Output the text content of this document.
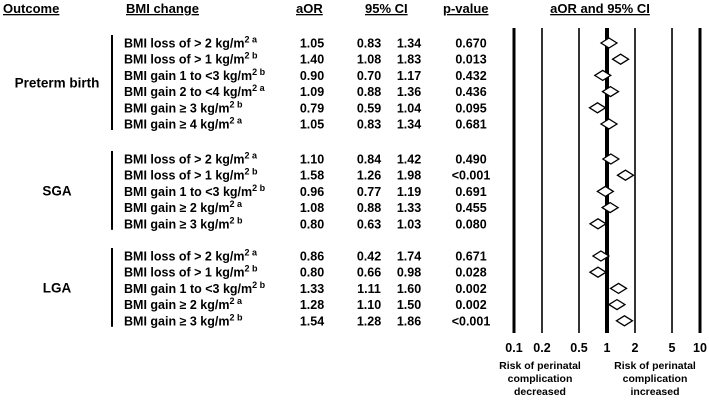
Outcome	BMI change	aOR	95% CI	p-value	aOR and 95% CI
Preterm birth
BMI loss of > 2 $kg/m^{2 a}$	1.05	0.83 1.34	0.670
BMI loss of > 1 $kg/m^{2 b}$	1.40	1.08 1.83	0.013
BMI gain 1 to <3 $kg/m^{2 b}$	0.90	0.70 1.17	0.432
BMI gain 2 to <4 $kg/m^{2 a}$	1.09	0.88 1.36	0.436
BMI gain ≥ 3 $kg/m^{2 b}$	0.79	0.59 1.04	0.095
BMI gain ≥ 4 $kg/m^{2 a}$	1.05	0.83 1.34	0.681
SGA
BMI loss of > 2 $kg/m^{2 a}$	1.10	0.84 1.42	0.490
BMI loss of > 1 $kg/m^{2 b}$	1.58	1.26 1.98 <0.001
BMI gain 1 to <3 $kg/m^{2 b}$	0.96	0.77 1.19	0.691
BMI gain ≥ 2 $kg/m^{2 a}$	1.08	0.88 1.33	0.455
BMI gain ≥ 3 $kg/m^{2 b}$	0.80	0.63 1.03	0.080
LGA
BMI loss of > 2 $kg/m^{2 a}$	0.86	0.42 1.74	0.671
BMI loss of > 1 $kg/m^{2 b}$	0.80	0.66 0.98	0.028
BMI gain 1 to <3 $kg/m^{2 b}$	1.33	1.11 1.60	0.002
BMI gain ≥ 2 $kg/m^{2 a}$	1.28	1.10 1.50	0.002
BMI gain ≥ 3 $kg/m^{2 b}$	1.54	1.28 1.86 <0.001
0.1 0.2 0.5 1 2 5 10
Risk of perinatal
complication
decreased
Risk of perinatal
complication
increased
